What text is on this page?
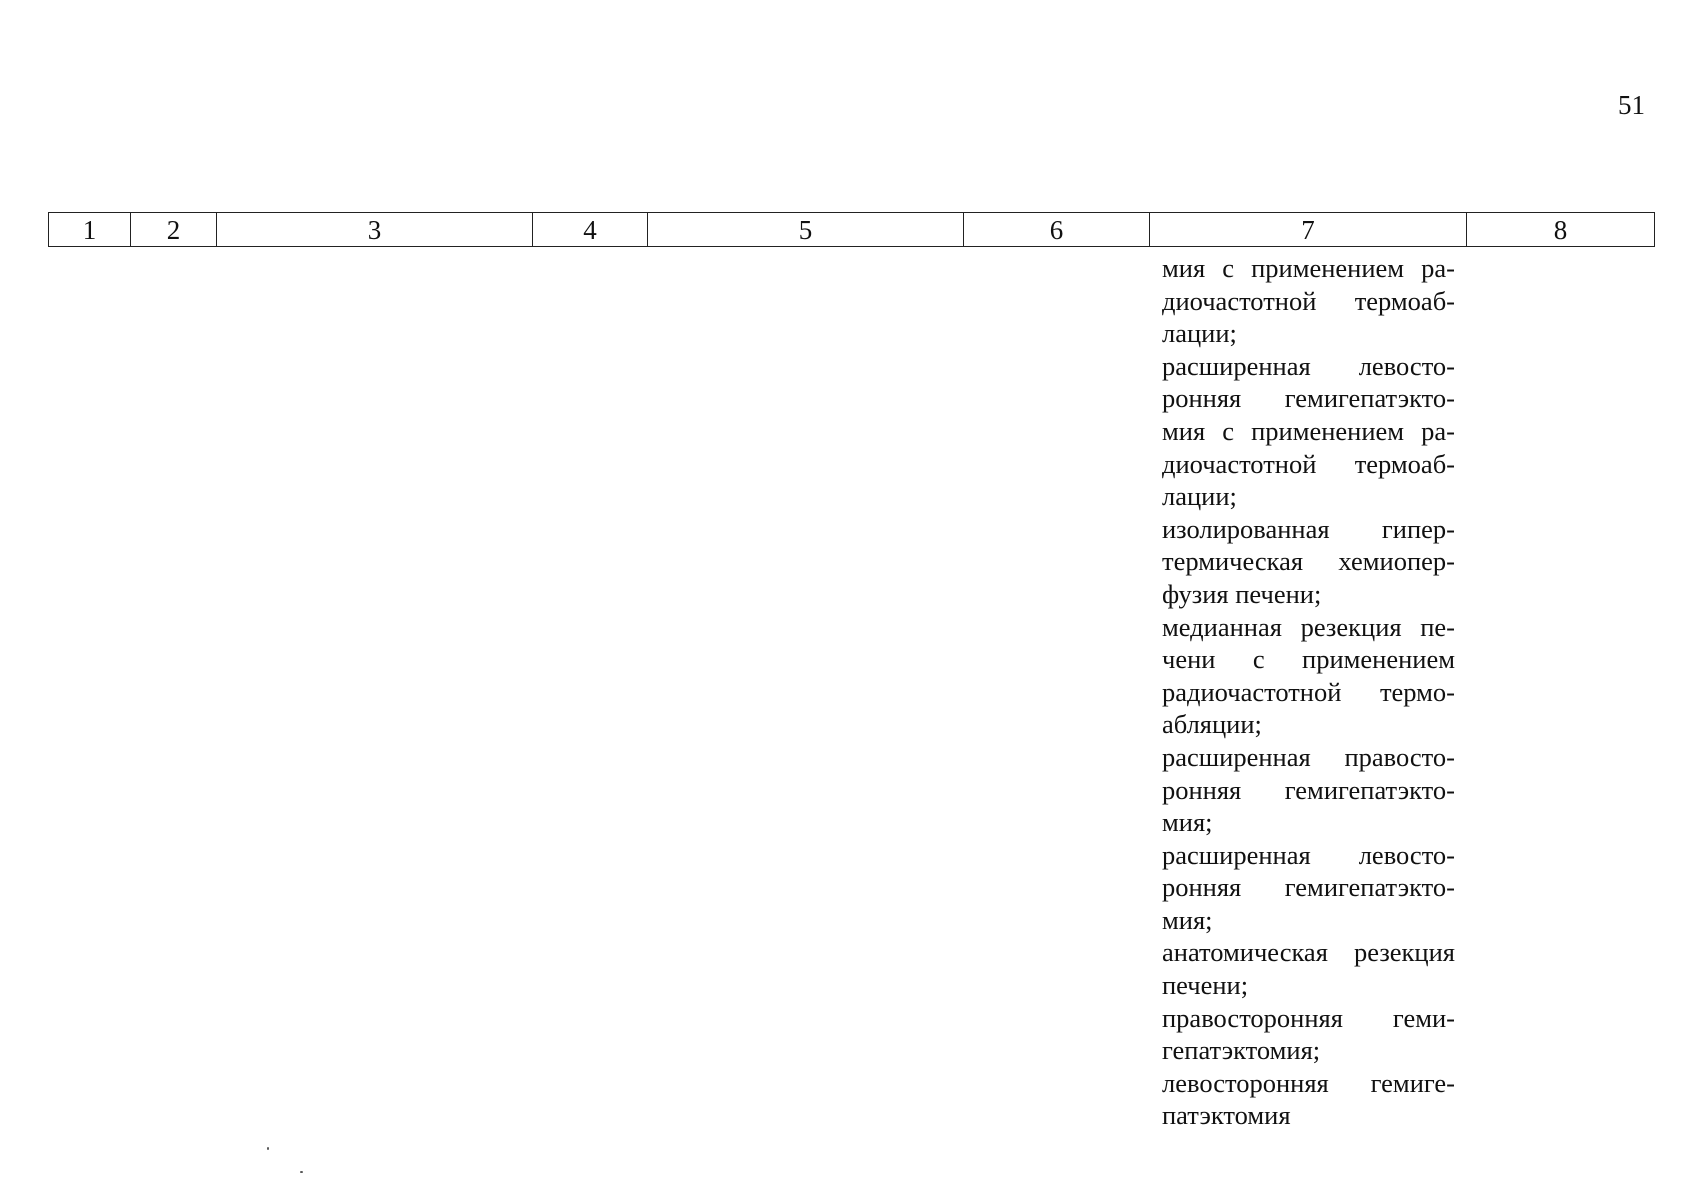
51
1	2	3	4	5	6	7	8
мия с применением ра-
диочастотной термоаб-
лации;
расширенная левосто-
ронняя гемигепатэкто-
мия с применением ра-
диочастотной термоаб-
лации;
изолированная гипер-
термическая хемиопер-
фузия печени;
медианная резекция пе-
чени с применением
радиочастотной термо-
абляции;
расширенная правосто-
ронняя гемигепатэкто-
мия;
расширенная левосто-
ронняя гемигепатэкто-
мия;
анатомическая резекция
печени;
правосторонняя геми-
гепатэктомия;
левосторонняя гемиге-
патэктомия
